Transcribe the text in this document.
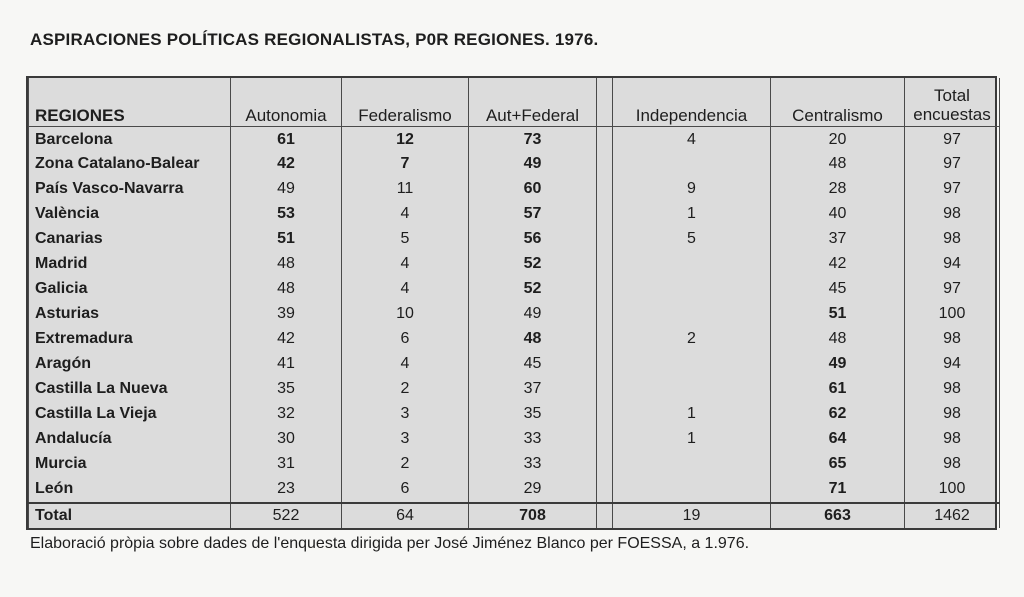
ASPIRACIONES POLÍTICAS REGIONALISTAS, P0R REGIONES. 1976.
REGIONES	Autonomia	Federalismo	Aut+Federal		Independencia	Centralismo	Total
encuestas
Barcelona	61	12	73		4	20	97
Zona Catalano-Balear	42	7	49			48	97
País Vasco-Navarra	49	11	60		9	28	97
València	53	4	57		1	40	98
Canarias	51	5	56		5	37	98
Madrid	48	4	52			42	94
Galicia	48	4	52			45	97
Asturias	39	10	49			51	100
Extremadura	42	6	48		2	48	98
Aragón	41	4	45			49	94
Castilla La Nueva	35	2	37			61	98
Castilla La Vieja	32	3	35		1	62	98
Andalucía	30	3	33		1	64	98
Murcia	31	2	33			65	98
León	23	6	29			71	100
Total	522	64	708		19	663	1462
Elaboració pròpia sobre dades de l'enquesta dirigida per José Jiménez Blanco per FOESSA, a 1.976.
